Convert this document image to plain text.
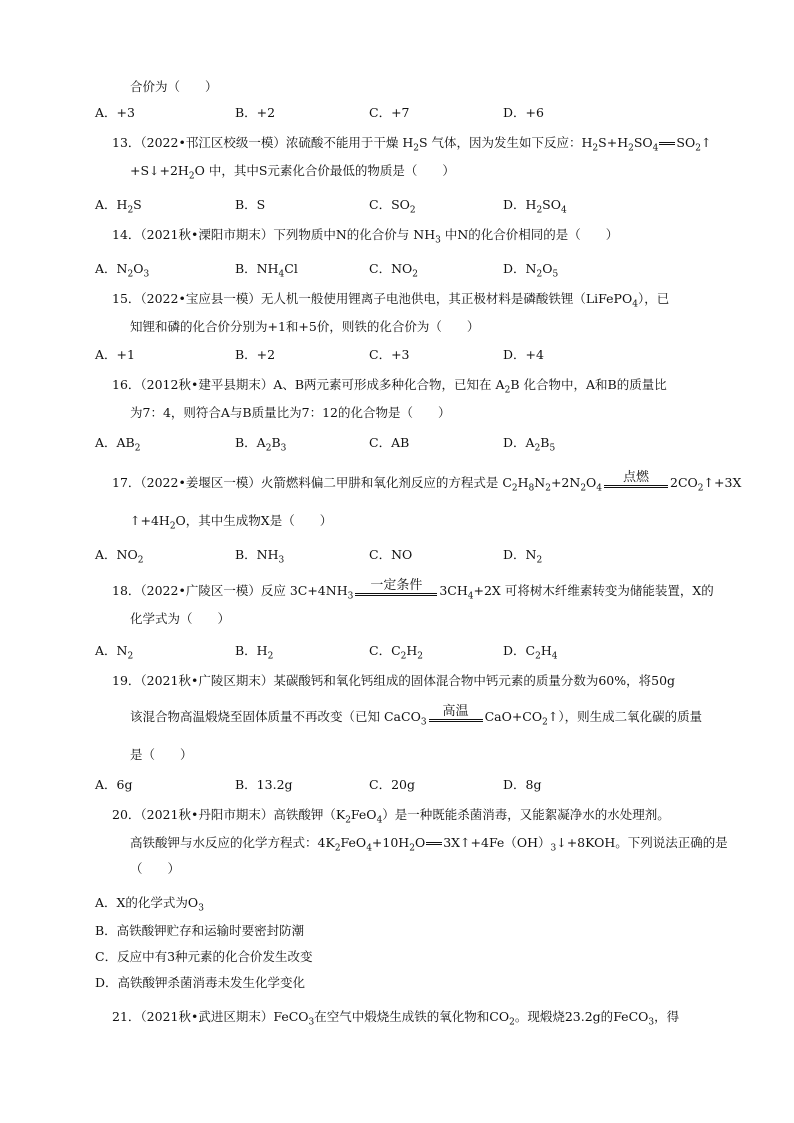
合价为（　　）
A．+3	B．+2	C．+7	D．+6
13．（2022•邗江区校级一模）浓硫酸不能用于干燥 $H_2S$ 气体，因为发生如下反应：$H_2S+H_2SO_4$ $SO_2↑$
$+S↓+2H_2O$ 中，其中S元素化合价最低的物质是（　　）
A．$H_2S$	B．S	C．$SO_2$	D．$H_2SO_4$
14．（2021秋•溧阳市期末）下列物质中N的化合价与 $NH_3$ 中N的化合价相同的是（　　）
A．$N_2O_3$	B．$NH_4Cl$	C．$NO_2$	D．$N_2O_5$
15．（2022•宝应县一模）无人机一般使用锂离子电池供电，其正极材料是磷酸铁锂（LiFePO$_4$），已
知锂和磷的化合价分别为+1和+5价，则铁的化合价为（　　）
A．+1	B．+2	C．+3	D．+4
16．（2012秋•建平县期末）A、B两元素可形成多种化合物，已知在 $A_2B$ 化合物中，A和B的质量比
为7：4，则符合A与B质量比为7：12的化合物是（　　）
A．$AB_2$	B．$A_2B_3$	C．AB	D．$A_2B_5$
17．（2022•姜堰区一模）火箭燃料偏二甲肼和氧化剂反应的方程式是 $C_2H_8N_2+2N_2O_4$点燃 $2CO_2↑+3X$
$↑+4H_2O$，其中生成物X是（　　）
A．$NO_2$	B．$NH_3$	C．NO	D．$N_2$
18．（2022•广陵区一模）反应 $3C+4NH_3$一定条件 $3CH_4+2X$ 可将树木纤维素转变为储能装置，X的
化学式为（　　）
A．$N_2$	B．$H_2$	C．$C_2H_2$	D．$C_2H_4$
19．（2021秋•广陵区期末）某碳酸钙和氧化钙组成的固体混合物中钙元素的质量分数为60%，将50g
该混合物高温煅烧至固体质量不再改变（已知 CaCO$_3$高温 $CaO+CO_2↑$），则生成二氧化碳的质量
是（　　）
A．6g	B．13.2g	C．20g	D．8g
20．（2021秋•丹阳市期末）高铁酸钾$(K_2FeO_4)$是一种既能杀菌消毒，又能絮凝净水的水处理剂。
高铁酸钾与水反应的化学方程式：$4K_2FeO_4+10H_2O$ $3X↑+4Fe(OH)_3↓+8KOH$。下列说法正确的是
（　　）
A．X的化学式为$O_3$
B．高铁酸钾贮存和运输时要密封防潮
C．反应中有3种元素的化合价发生改变
D．高铁酸钾杀菌消毒未发生化学变化
21．（2021秋•武进区期末）FeCO$_3$在空气中煅烧生成铁的氧化物和$CO_2$。现煅烧23.2g的FeCO$_3$，得
